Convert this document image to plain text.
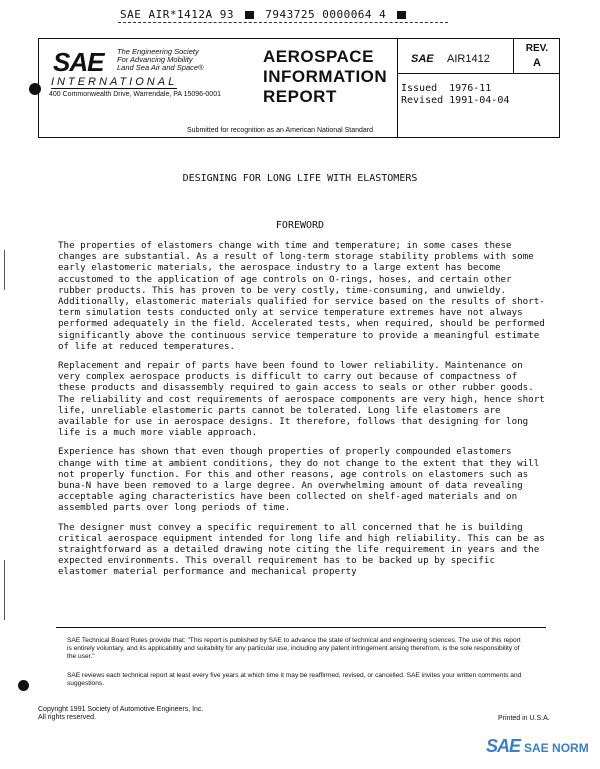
SAE AIR*1412A 93	7943725 0000064 4
SAE The Engineering Society
For Advancing Mobility
Land Sea Air and Space®
INTERNATIONAL
400 Commonwealth Drive, Warrendale, PA 15096-0001
AEROSPACE
INFORMATION
REPORT
Submitted for recognition as an American National Standard
SAE AIR1412
REV.
A
Issued  1976-11
Revised 1991-04-04
DESIGNING FOR LONG LIFE WITH ELASTOMERS
FOREWORD

The properties of elastomers change with time and temperature; in some cases these changes are substantial. As a result of long-term storage stability problems with some early elastomeric materials, the aerospace industry to a large extent has become accustomed to the application of age controls on O-rings, hoses, and certain other rubber products. This has proven to be very costly, time-consuming, and unwieldy. Additionally, elastomeric materials qualified for service based on the results of short-term simulation tests conducted only at service temperature extremes have not always performed adequately in the field. Accelerated tests, when required, should be performed significantly above the continuous service temperature to provide a meaningful estimate of life at reduced temperatures.

Replacement and repair of parts have been found to lower reliability. Maintenance on very complex aerospace products is difficult to carry out because of compactness of these products and disassembly required to gain access to seals or other rubber goods. The reliability and cost requirements of aerospace components are very high, hence short life, unreliable elastomeric parts cannot be tolerated. Long life elastomers are available for use in aerospace designs. It therefore, follows that designing for long life is a much more viable approach.

Experience has shown that even though properties of properly compounded elastomers change with time at ambient conditions, they do not change to the extent that they will not properly function. For this and other reasons, age controls on elastomers such as buna-N have been removed to a large degree. An overwhelming amount of data revealing acceptable aging characteristics have been collected on shelf-aged materials and on assembled parts over long periods of time.

The designer must convey a specific requirement to all concerned that he is building critical aerospace equipment intended for long life and high reliability. This can be as straightforward as a detailed drawing note citing the life requirement in years and the expected environments. This overall requirement has to be backed up by specific elastomer material performance and mechanical property

SAE Technical Board Rules provide that: "This report is published by SAE to advance the state of technical and engineering sciences. The use of this report is entirely voluntary, and its applicability and suitability for any particular use, including any patent infringement arising therefrom, is the sole responsibility of the user."
SAE reviews each technical report at least every five years at which time it may be reaffirmed, revised, or cancelled. SAE invites your written comments and suggestions.
Copyright 1991 Society of Automotive Engineers, Inc.
All rights reserved.	Printed in U.S.A.
SAE SAE NORM
